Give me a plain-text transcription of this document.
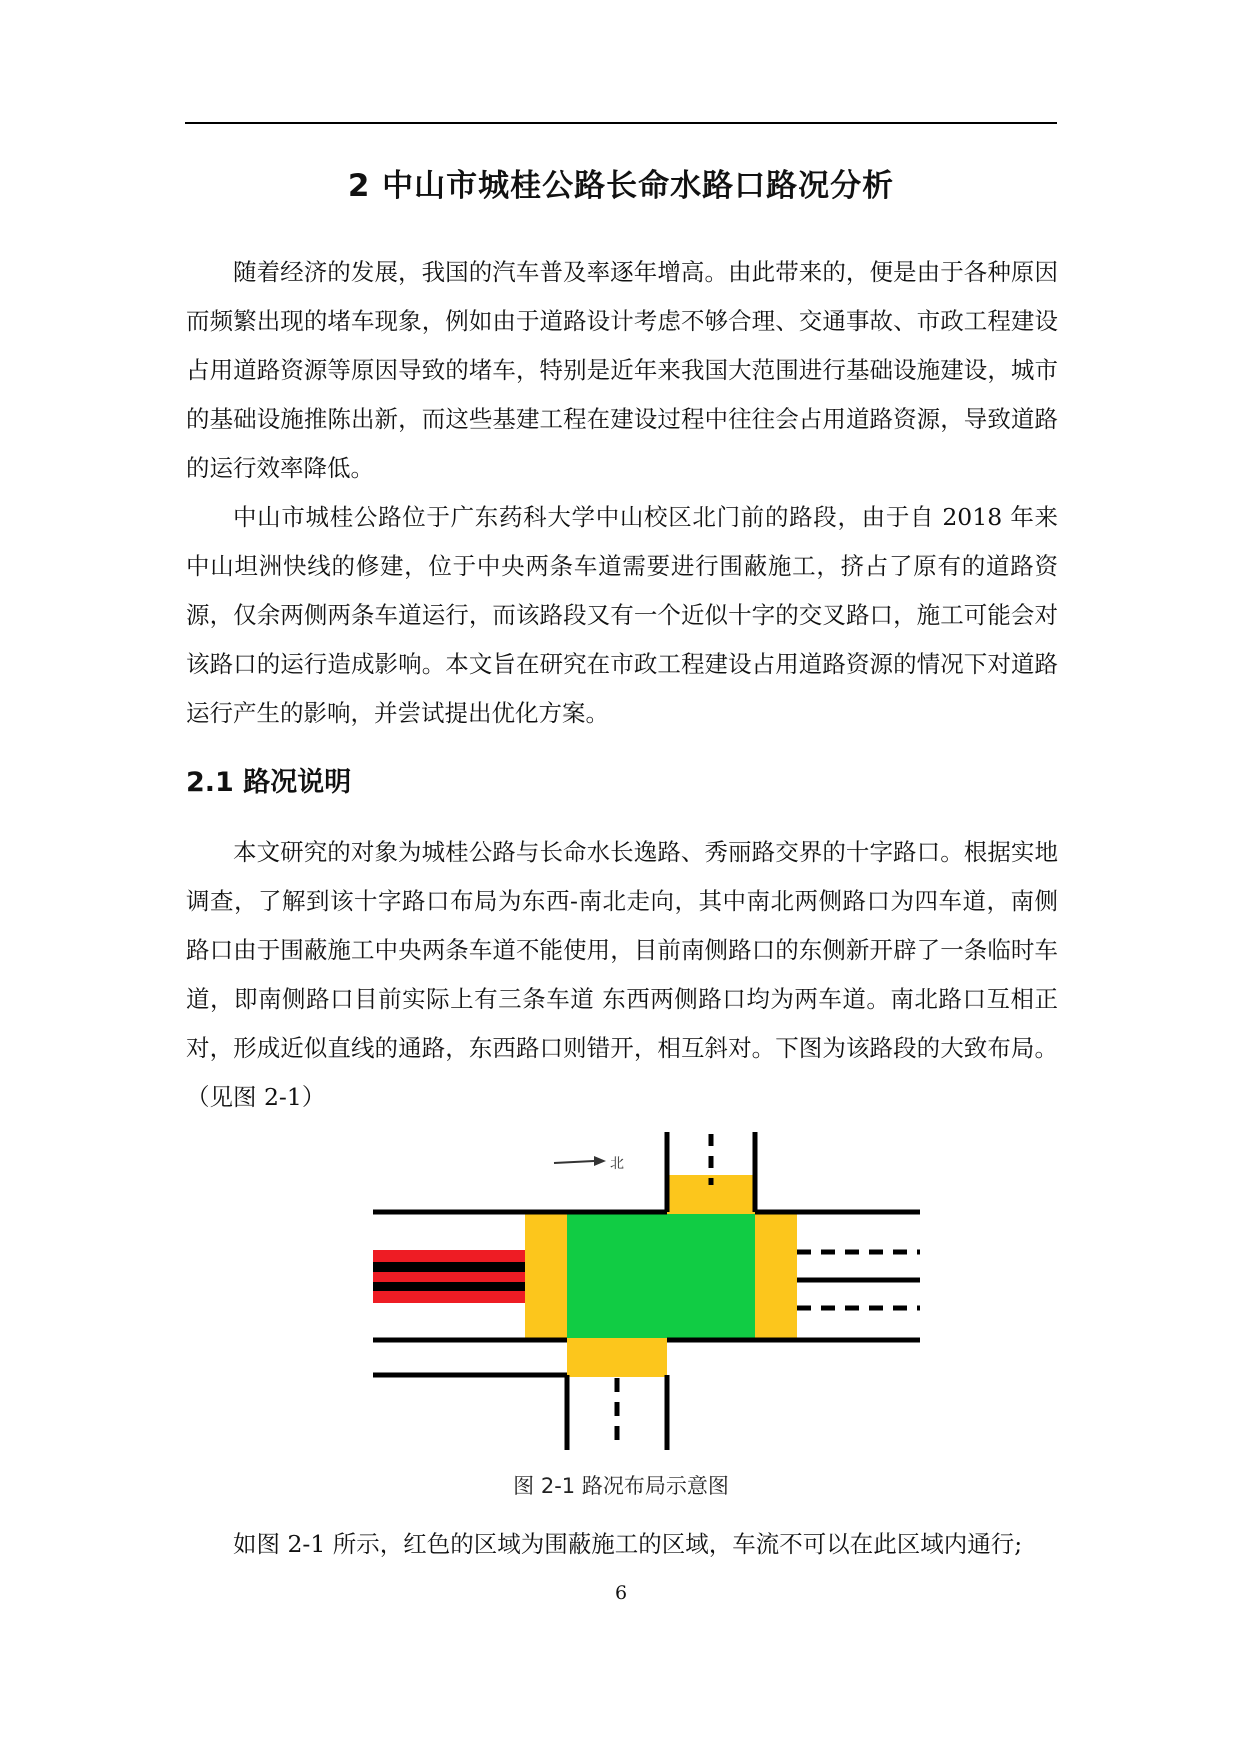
2 中山市城桂公路长命水路口路况分析

随着经济的发展，我国的汽车普及率逐年增高。由此带来的，便是由于各种原因而频繁出现的堵车现象，例如由于道路设计考虑不够合理、交通事故、市政工程建设占用道路资源等原因导致的堵车，特别是近年来我国大范围进行基础设施建设，城市的基础设施推陈出新，而这些基建工程在建设过程中往往会占用道路资源，导致道路的运行效率降低。

中山市城桂公路位于广东药科大学中山校区北门前的路段，由于自 2018 年来中山坦洲快线的修建，位于中央两条车道需要进行围蔽施工，挤占了原有的道路资源，仅余两侧两条车道运行，而该路段又有一个近似十字的交叉路口，施工可能会对该路口的运行造成影响。本文旨在研究在市政工程建设占用道路资源的情况下对道路运行产生的影响，并尝试提出优化方案。

2.1 路况说明

本文研究的对象为城桂公路与长命水长逸路、秀丽路交界的十字路口。根据实地调查，了解到该十字路口布局为东西-南北走向，其中南北两侧路口为四车道，南侧路口由于围蔽施工中央两条车道不能使用，目前南侧路口的东侧新开辟了一条临时车道，即南侧路口目前实际上有三条车道 东西两侧路口均为两车道。南北路口互相正对，形成近似直线的通路，东西路口则错开，相互斜对。下图为该路段的大致布局。（见图 2-1）

北

图 2-1 路况布局示意图

如图 2-1 所示，红色的区域为围蔽施工的区域，车流不可以在此区域内通行;

6
